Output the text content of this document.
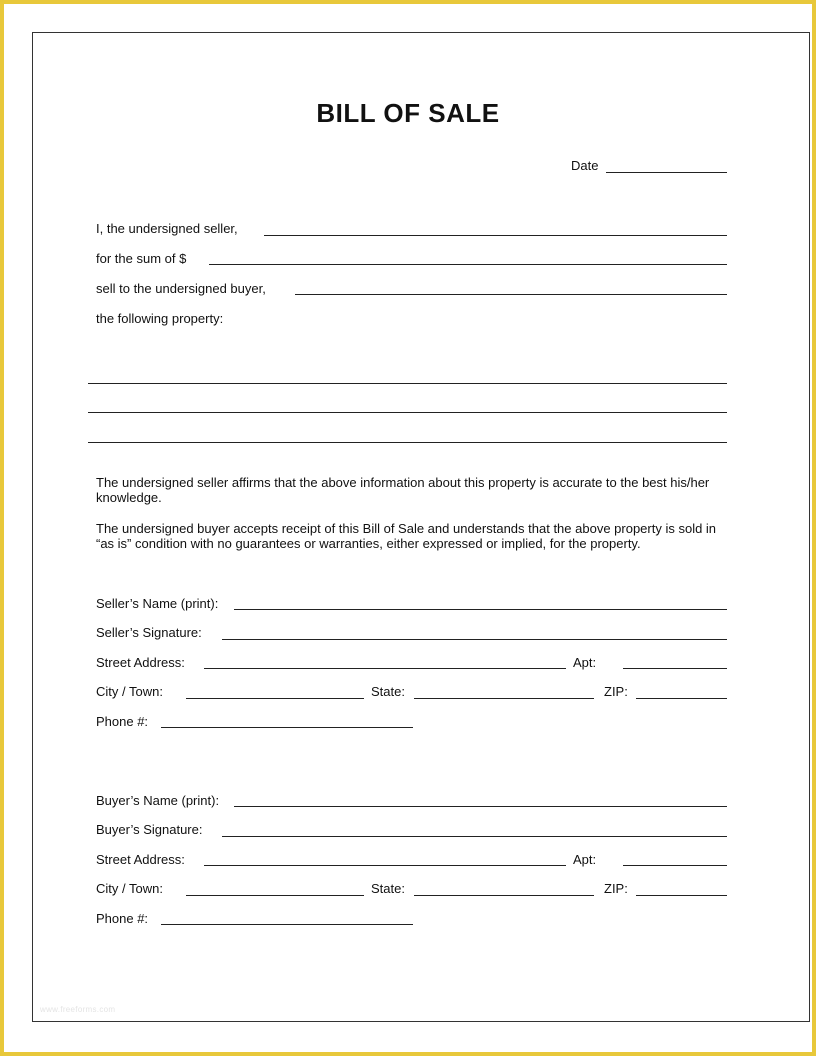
BILL OF SALE
Date
I, the undersigned seller,
for the sum of $
sell to the undersigned buyer,
the following property:
The undersigned seller affirms that the above information about this property is accurate to the best his/her knowledge.
The undersigned buyer accepts receipt of this Bill of Sale and understands that the above property is sold in “as is” condition with no guarantees or warranties, either expressed or implied, for the property.
Seller’s Name (print):
Seller’s Signature:
Street Address:	Apt:
City / Town:	State:	ZIP:
Phone #:
Buyer’s Name (print):
Buyer’s Signature:
Street Address:	Apt:
City / Town:	State:	ZIP:
Phone #:
www.freeforms.com
